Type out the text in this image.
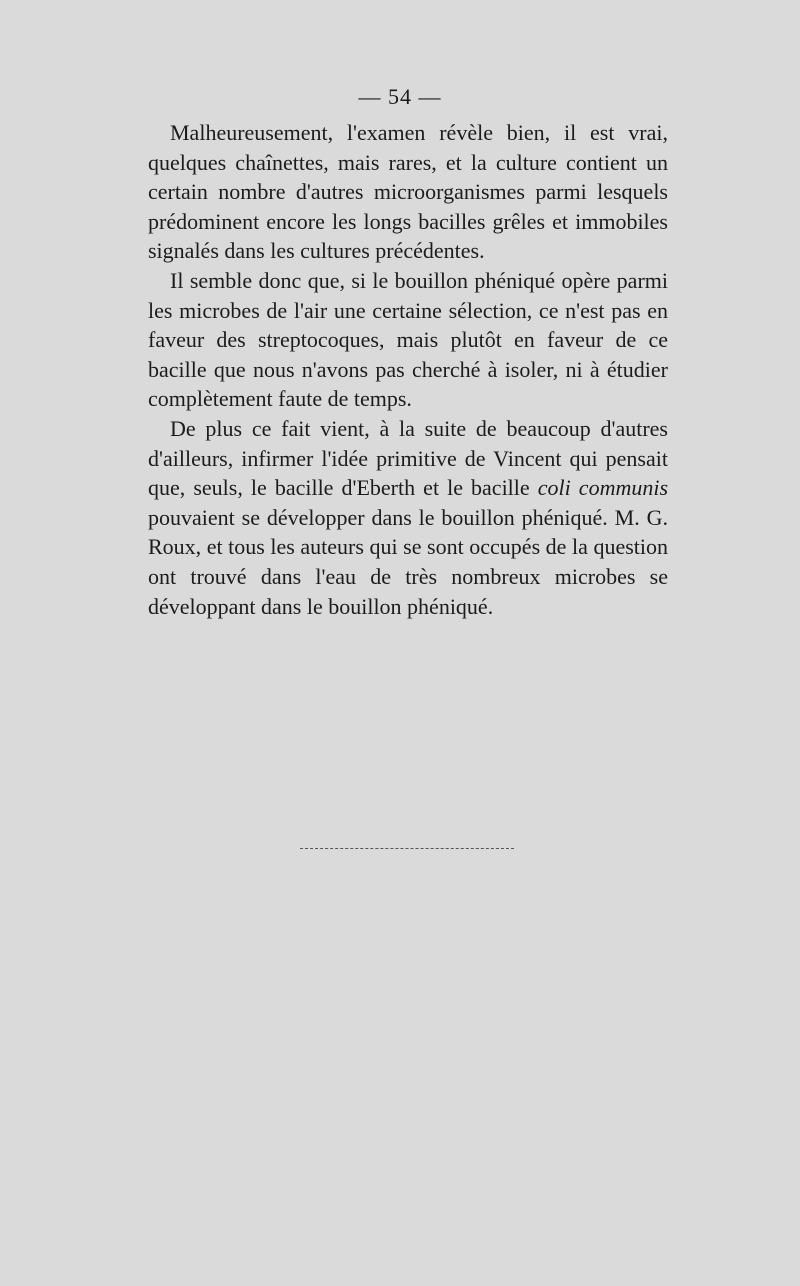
— 54 —

Malheureusement, l'examen révèle bien, il est vrai, quelques chaînettes, mais rares, et la culture contient un certain nombre d'autres microorganismes parmi lesquels prédominent encore les longs bacilles grêles et immobiles signalés dans les cultures précédentes.

Il semble donc que, si le bouillon phéniqué opère parmi les microbes de l'air une certaine sélection, ce n'est pas en faveur des streptocoques, mais plutôt en faveur de ce bacille que nous n'avons pas cherché à isoler, ni à étudier complètement faute de temps.

De plus ce fait vient, à la suite de beaucoup d'autres d'ailleurs, infirmer l'idée primitive de Vincent qui pensait que, seuls, le bacille d'Eberth et le bacille coli communis pouvaient se développer dans le bouillon phéniqué. M. G. Roux, et tous les auteurs qui se sont occupés de la question ont trouvé dans l'eau de très nombreux microbes se développant dans le bouillon phéniqué.
